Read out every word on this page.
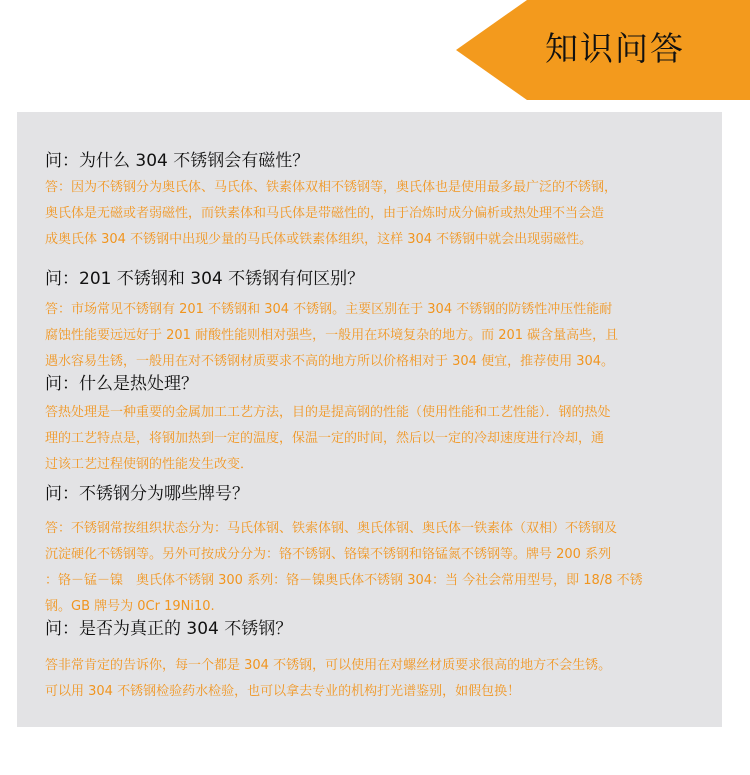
知识问答
问：为什么 304 不锈钢会有磁性？
答：因为不锈钢分为奥氏体、马氏体、铁素体双相不锈钢等，奥氏体也是使用最多最广泛的不锈钢，
奥氏体是无磁或者弱磁性，而铁素体和马氏体是带磁性的，由于冶炼时成分偏析或热处理不当会造
成奥氏体 304 不锈钢中出现少量的马氏体或铁素体组织，这样 304 不锈钢中就会出现弱磁性。
问：201 不锈钢和 304 不锈钢有何区别？
答：市场常见不锈钢有 201 不锈钢和 304 不锈钢。主要区别在于 304 不锈钢的防锈性冲压性能耐
腐蚀性能要远远好于 201 耐酸性能则相对强些，一般用在环境复杂的地方。而 201 碳含量高些，且
遇水容易生锈，一般用在对不锈钢材质要求不高的地方所以价格相对于 304 便宜，推荐使用 304。
问：什么是热处理？
答热处理是一种重要的金属加工工艺方法，目的是提高钢的性能（使用性能和工艺性能）．钢的热处
理的工艺特点是，将钢加热到一定的温度，保温一定的时间，然后以一定的冷却速度进行冷却，通
过该工艺过程使钢的性能发生改变．
问：不锈钢分为哪些牌号？
答：不锈钢常按组织状态分为：马氏体钢、铁索体钢、奥氏体钢、奥氏体一铁素体（双相）不锈钢及
沉淀硬化不锈钢等。另外可按成分分为：铬不锈钢、铬镍不锈钢和铬锰氮不锈钢等。牌号 200 系列
：铬－锰－镍　奥氏体不锈钢 300 系列：铬－镍奥氏体不锈钢 304：当 今社会常用型号，即 18/8 不锈
钢。GB 牌号为 0Cr 19Ni10.
问：是否为真正的 304 不锈钢？
答非常肯定的告诉你，每一个都是 304 不锈钢，可以使用在对螺丝材质要求很高的地方不会生锈。
可以用 304 不锈钢检验药水检验，也可以拿去专业的机构打光谱鉴别，如假包换！
